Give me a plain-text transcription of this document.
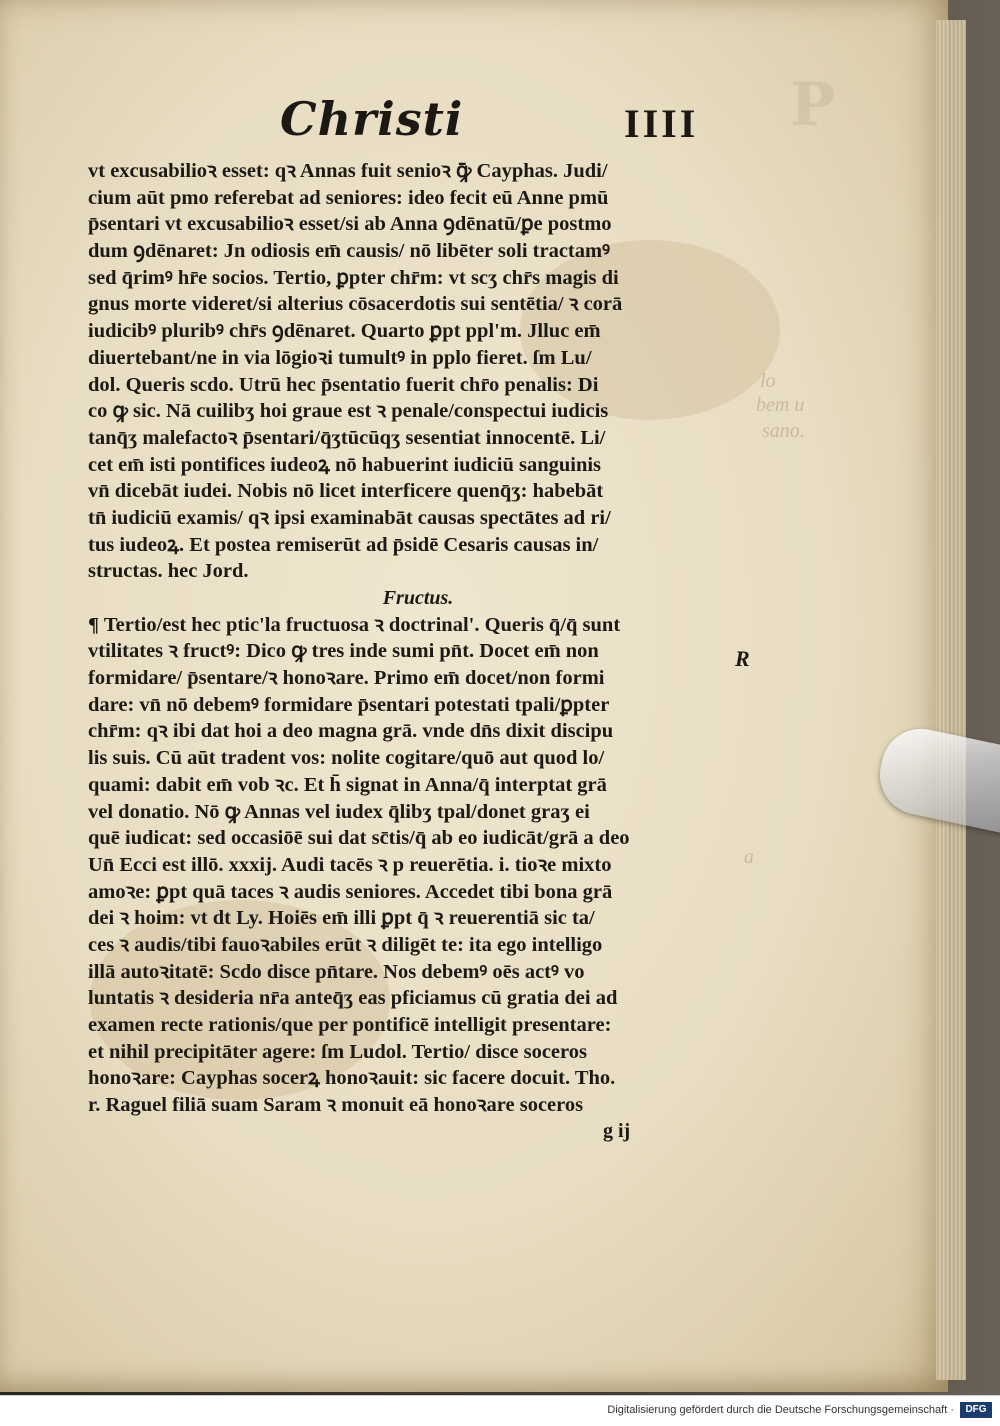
P
lo
bem u
sano.
a
Christi	IIII
vt excusabilioꝛ esset: qꝛ Annas fuit senioꝛ ꝙ̄ Cayphas. Judi/
cium aūt pmo referebat ad seniores: ideo fecit eū Anne pmū
p̄sentari vt excusabilioꝛ esset/si ab Anna ꝯdēnatū/ꝑe postmo
dum ꝯdēnaret: Jn odiosis em̄ causis/ nō libēter soli tractamꝰ
sed q̄rimꝰ hr̄e socios. Tertio, ꝑpter chr̄m: vt scʒ chr̄s magis di
gnus morte videret/si alterius cōsacerdotis sui sentētia/ ꝛ corā
iudicibꝰ pluribꝰ chr̄s ꝯdēnaret. Quarto ꝑpt ppl'm. Jlluc em̄
diuertebant/ne in via lōgioꝛi tumultꝰ in pplo fieret. ſm Lu/
dol. Queris scdo. Utrū hec p̄sentatio fuerit chr̄o penalis: Di
co ꝙ sic. Nā cuilibʒ hoi graue est ꝛ penale/conspectui iudicis
tanq̄ʒ malefactoꝛ p̄sentari/q̄ʒtūcūqʒ sesentiat innocentē. Li/
cet em̄ isti pontifices iudeoꝝ nō habuerint iudiciū sanguinis
vn̄ dicebāt iudei. Nobis nō licet interficere quenq̄ʒ: habebāt
tn̄ iudiciū examis/ qꝛ ipsi examinabāt causas spectātes ad ri/
tus iudeoꝝ. Et postea remiserūt ad p̄sidē Cesaris causas in/
structas. hec Jord.
Fructus.
¶ Tertio/est hec ptic'la fructuosa ꝛ doctrinal'. Queris q̄/q̄ sunt
vtilitates ꝛ fructꝰ: Dico ꝙ tres inde sumi pn̄t. Docet em̄ non
formidare/ p̄sentare/ꝛ honoꝛare. Primo em̄ docet/non formi
dare: vn̄ nō debemꝰ formidare p̄sentari potestati tpali/ꝑpter
chr̄m: qꝛ ibi dat hoi a deo magna grā. vnde dn̄s dixit discipu
lis suis. Cū aūt tradent vos: nolite cogitare/quō aut quod lo/
quami: dabit em̄ vob ꝛc. Et h̄ signat in Anna/q̄ interptat grā
vel donatio. Nō ꝙ Annas vel iudex q̄libʒ tpal/donet graʒ ei
quē iudicat: sed occasiōē sui dat sc̄tis/q̄ ab eo iudicāt/grā a deo
Un̄ Ecci est illō. xxxij. Audi tacēs ꝛ p reuerētia. i. tioꝛe mixto
amoꝛe: ꝑpt quā taces ꝛ audis seniores. Accedet tibi bona grā
dei ꝛ hoim: vt dt Ly. Hoiēs em̄ illi ꝑpt q̄ ꝛ reuerentiā sic ta/
ces ꝛ audis/tibi fauoꝛabiles erūt ꝛ diligēt te: ita ego intelligo
illā autoꝛitatē: Scdo disce pn̄tare. Nos debemꝰ oēs actꝰ vo
luntatis ꝛ desideria nr̄a anteq̄ʒ eas pficiamus cū gratia dei ad
examen recte rationis/que per pontificē intelligit presentare:
et nihil precipitāter agere: ſm Ludol. Tertio/ disce soceros
honoꝛare: Cayphas socerꝝ honoꝛauit: sic facere docuit. Tho.
r. Raguel filiā suam Saram ꝛ monuit eā honoꝛare soceros
R
g ij
Digitalisierung gefördert durch die Deutsche Forschungsgemeinschaft ·	DFG
